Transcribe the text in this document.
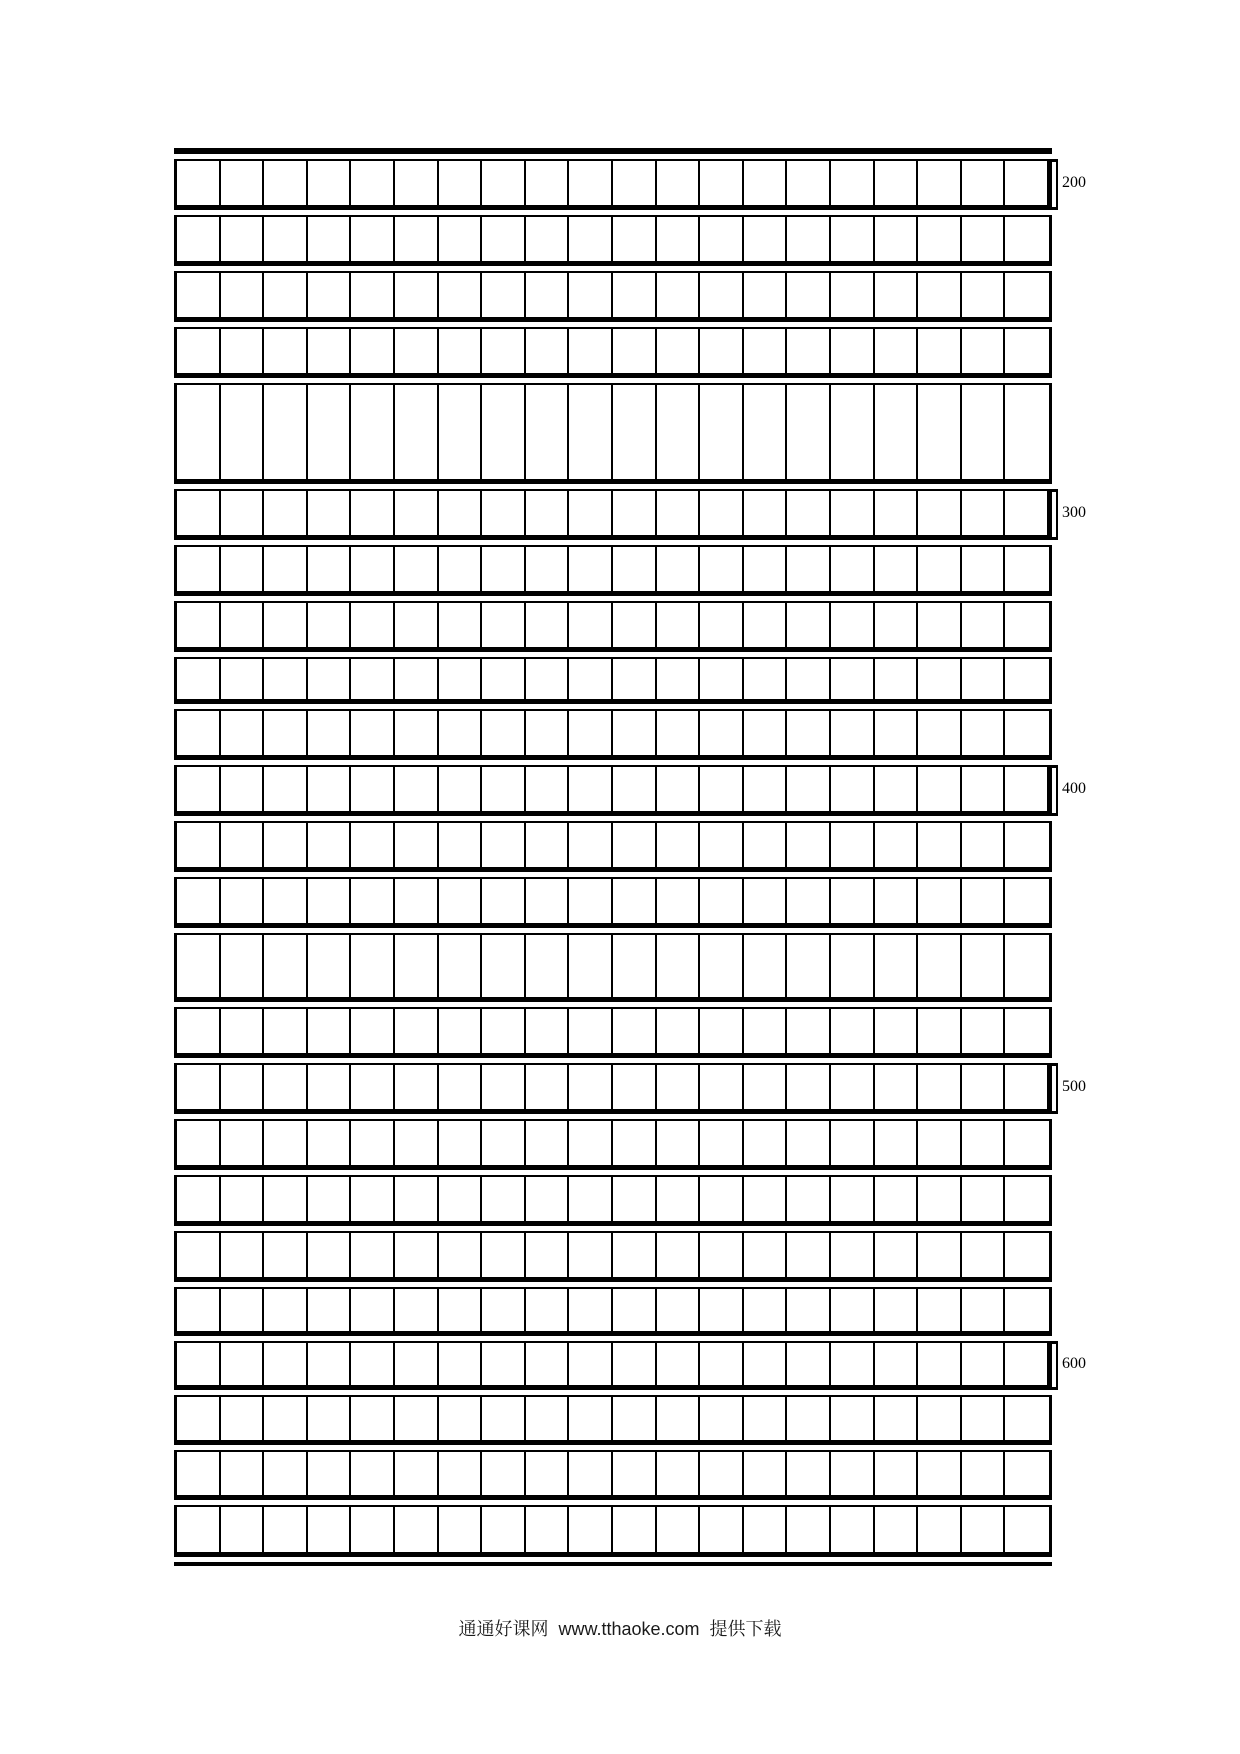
200
300
400
500
600
通通好课网  www.tthaoke.com  提供下载
